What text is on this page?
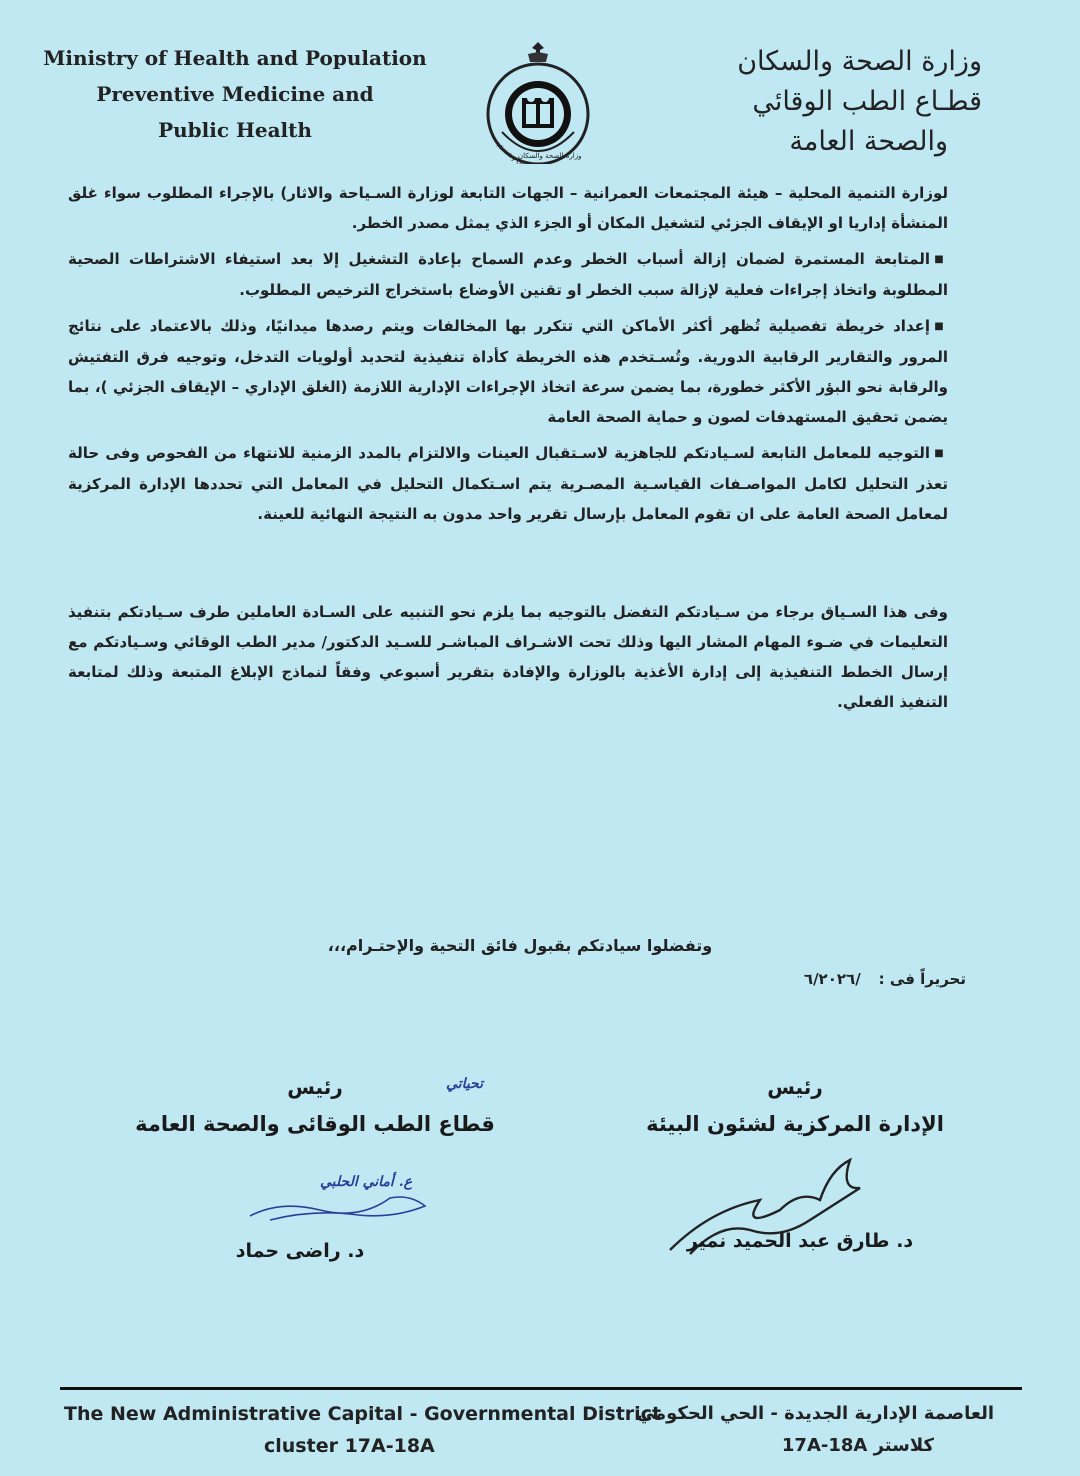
Ministry of Health and Population
Preventive Medicine and
Public Health
وزارة الصحة والسكان
وزارة الصحة والسكان
قطـاع الطب الوقائي
والصحة العامة

لوزارة التنمية المحلية – هيئة المجتمعات العمرانية – الجهات التابعة لوزارة السـياحة والاثار) بالإجراء المطلوب سواء غلق المنشأة إداريا او الإيقاف الجزئي لتشغيل المكان أو الجزء الذي يمثل مصدر الخطر.

■المتابعة المستمرة لضمان إزالة أسباب الخطر وعدم السماح بإعادة التشغيل إلا بعد استيفاء الاشتراطات الصحية المطلوبة واتخاذ إجراءات فعلية لإزالة سبب الخطر او تقنين الأوضاع باستخراج الترخيص المطلوب.

■إعداد خريطة تفصيلية تُظهر أكثر الأماكن التي تتكرر بها المخالفات ويتم رصدها ميدانيًا، وذلك بالاعتماد على نتائج المرور والتقارير الرقابية الدورية. وتُسـتخدم هذه الخريطة كأداة تنفيذية لتحديد أولويات التدخل، وتوجيه فرق التفتيش والرقابة نحو البؤر الأكثر خطورة، بما يضمن سرعة اتخاذ الإجراءات الإدارية اللازمة (الغلق الإداري – الإيقاف الجزئي )، بما يضمن تحقيق المستهدفات لصون و حماية الصحة العامة

■التوجيه للمعامل التابعة لسـيادتكم للجاهزية لاسـتقبال العينات والالتزام بالمدد الزمنية للانتهاء من الفحوص وفى حالة تعذر التحليل لكامل المواصـفات القياسـية المصـرية يتم اسـتكمال التحليل في المعامل التي تحددها الإدارة المركزية لمعامل الصحة العامة على ان تقوم المعامل بإرسال تقرير واحد مدون به النتيجة النهائية للعينة.

وفى هذا السـياق برجاء من سـيادتكم التفضل بالتوجيه بما يلزم نحو التنبيه على السـادة العاملين طرف سـيادتكم بتنفيذ التعليمات في ضـوء المهام المشار اليها وذلك تحت الاشـراف المباشـر للسـيد الدكتور/ مدير الطب الوقائي وسـيادتكم مع إرسال الخطط التنفيذية إلى إدارة الأغذية بالوزارة والإفادة بتقرير أسبوعي وفقاً لنماذج الإبلاغ المتبعة وذلك لمتابعة التنفيذ الفعلي.

وتفضلوا سيادتكم بقبول فائق التحية والإحتـرام،،،
تحريراً فى :/٦/٢٠٢٦
رئيس
قطاع الطب الوقائى والصحة العامة
تحياتي
ع. أماني الحلبي
د. راضى حماد
رئيس
الإدارة المركزية لشئون البيئة
د. طارق عبد الحميد نمير
The New Administrative Capital - Governmental District
cluster 17A-18A
العاصمة الإدارية الجديدة - الحي الحكومي
كلاستر 17A-18A
